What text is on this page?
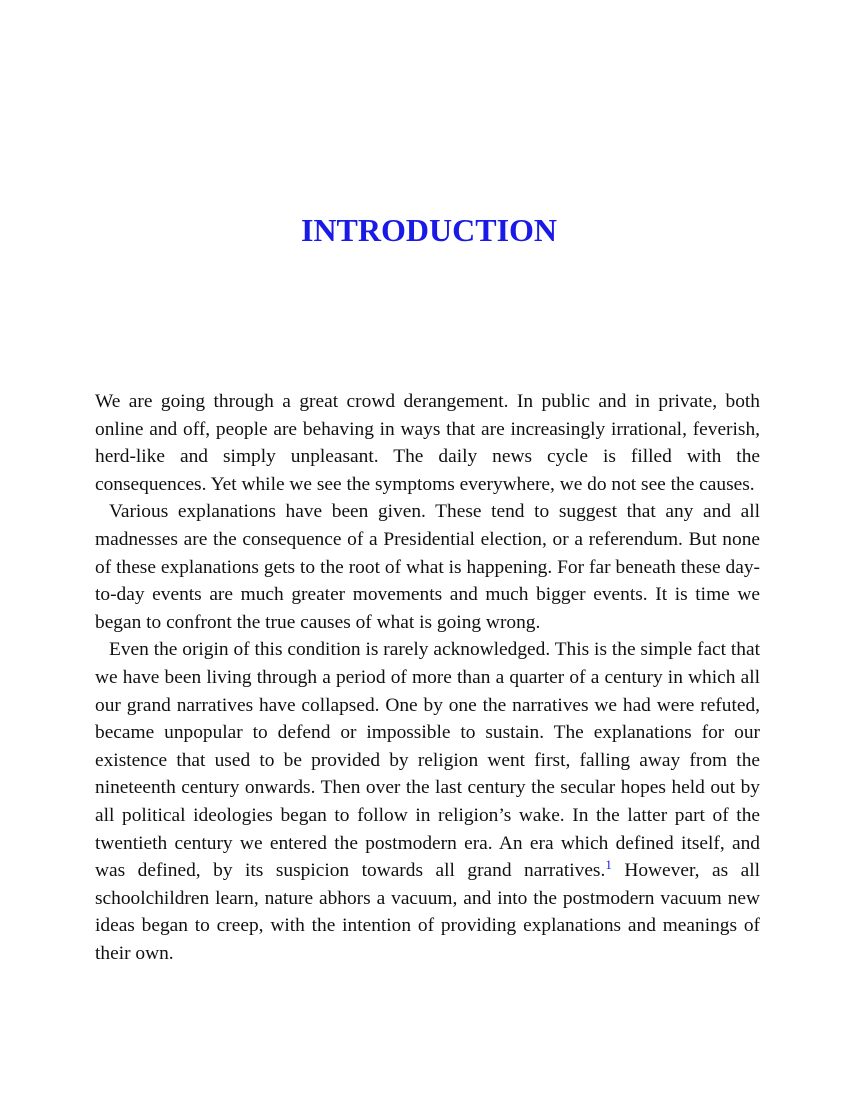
INTRODUCTION

We are going through a great crowd derangement. In public and in private, both online and off, people are behaving in ways that are increasingly irrational, feverish, herd-like and simply unpleasant. The daily news cycle is filled with the consequences. Yet while we see the symptoms everywhere, we do not see the causes.

Various explanations have been given. These tend to suggest that any and all madnesses are the consequence of a Presidential election, or a referendum. But none of these explanations gets to the root of what is happening. For far beneath these day-to-day events are much greater movements and much bigger events. It is time we began to confront the true causes of what is going wrong.

Even the origin of this condition is rarely acknowledged. This is the simple fact that we have been living through a period of more than a quarter of a century in which all our grand narratives have collapsed. One by one the narratives we had were refuted, became unpopular to defend or impossible to sustain. The explanations for our existence that used to be provided by religion went first, falling away from the nineteenth century onwards. Then over the last century the secular hopes held out by all political ideologies began to follow in religion’s wake. In the latter part of the twentieth century we entered the postmodern era. An era which defined itself, and was defined, by its suspicion towards all grand narratives.$^1$ However, as all schoolchildren learn, nature abhors a vacuum, and into the postmodern vacuum new ideas began to creep, with the intention of providing explanations and meanings of their own.
